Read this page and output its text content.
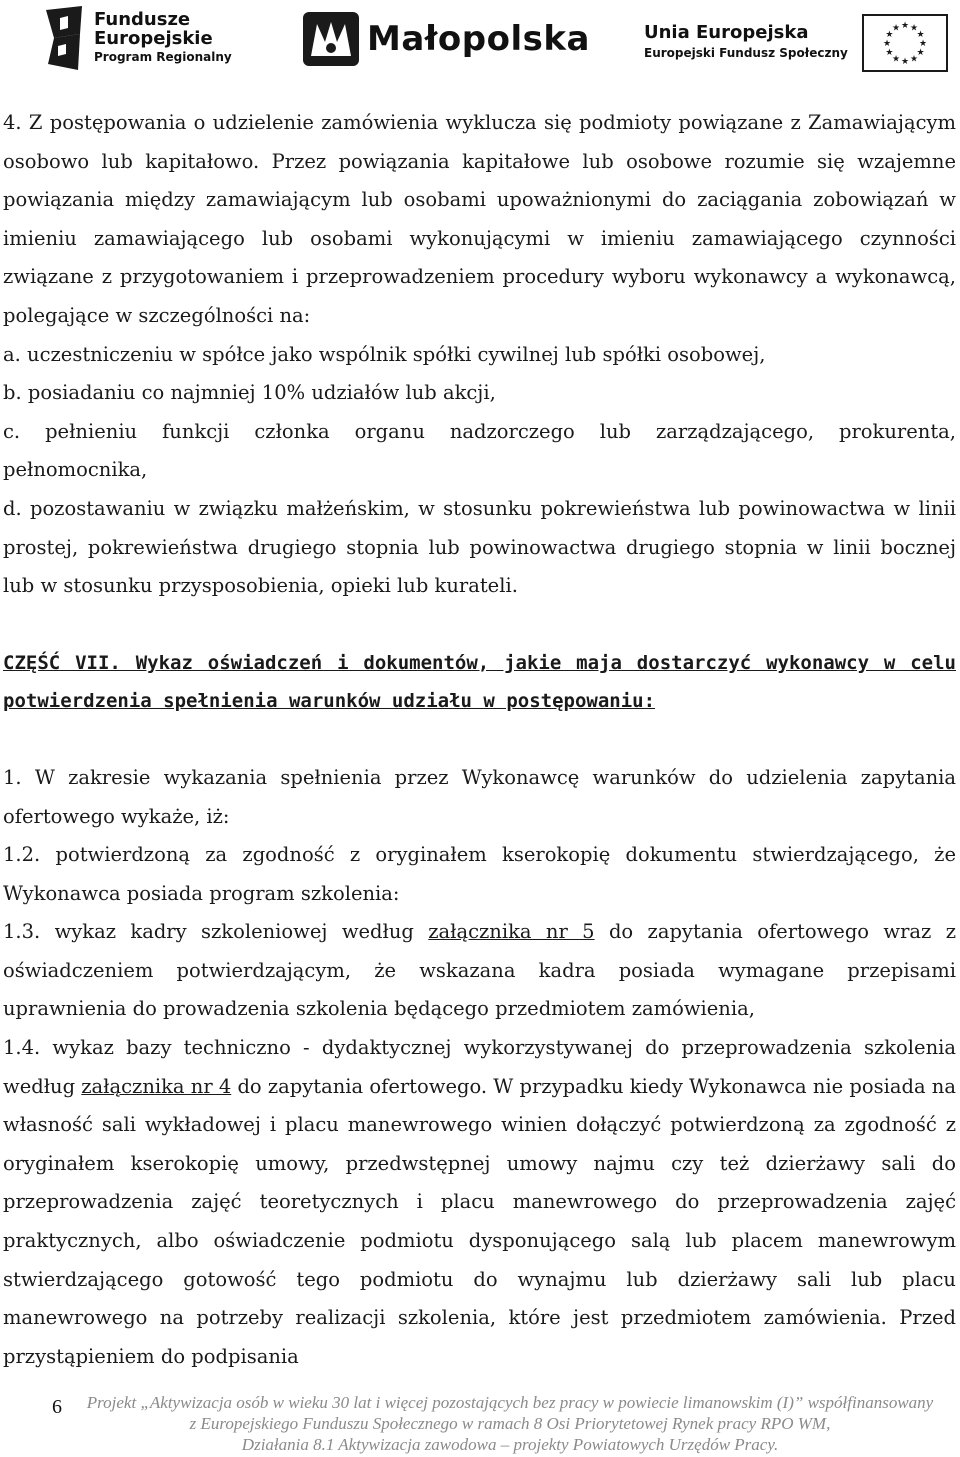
Fundusze
Europejskie
Program Regionalny	Małopolska	Unia Europejska
Europejski Fundusz Społeczny
★
★
★
★
★
★
★
★
★ ★ ★
★

4. Z postępowania o udzielenie zamówienia wyklucza się podmioty powiązane z Zamawiającym osobowo lub kapitałowo. Przez powiązania kapitałowe lub osobowe rozumie się wzajemne powiązania między zamawiającym lub osobami upoważnionymi do zaciągania zobowiązań w imieniu zamawiającego lub osobami wykonującymi w imieniu zamawiającego czynności związane z przygotowaniem i przeprowadzeniem procedury wyboru wykonawcy a wykonawcą, polegające w szczególności na:

a. uczestniczeniu w spółce jako wspólnik spółki cywilnej lub spółki osobowej,

b. posiadaniu co najmniej 10% udziałów lub akcji,

c. pełnieniu funkcji członka organu nadzorczego lub zarządzającego, prokurenta, pełnomocnika,

d. pozostawaniu w związku małżeńskim, w stosunku pokrewieństwa lub powinowactwa w linii prostej, pokrewieństwa drugiego stopnia lub powinowactwa drugiego stopnia w linii bocznej lub w stosunku przysposobienia, opieki lub kurateli.

CZĘŚĆ VII. Wykaz oświadczeń i dokumentów, jakie maja dostarczyć wykonawcy w celu potwierdzenia spełnienia warunków udziału w postępowaniu:

1. W zakresie wykazania spełnienia przez Wykonawcę warunków do udzielenia zapytania ofertowego wykaże, iż:

1.2. potwierdzoną za zgodność z oryginałem kserokopię dokumentu stwierdzającego, że Wykonawca posiada program szkolenia:

1.3. wykaz kadry szkoleniowej według załącznika nr 5 do zapytania ofertowego wraz z oświadczeniem potwierdzającym, że wskazana kadra posiada wymagane przepisami uprawnienia do prowadzenia szkolenia będącego przedmiotem zamówienia,

1.4. wykaz bazy techniczno - dydaktycznej wykorzystywanej do przeprowadzenia szkolenia według załącznika nr 4 do zapytania ofertowego. W przypadku kiedy Wykonawca nie posiada na własność sali wykładowej i placu manewrowego winien dołączyć potwierdzoną za zgodność z oryginałem kserokopię umowy, przedwstępnej umowy najmu czy też dzierżawy sali do przeprowadzenia zajęć teoretycznych i placu manewrowego do przeprowadzenia zajęć praktycznych, albo oświadczenie podmiotu dysponującego salą lub placem manewrowym stwierdzającego gotowość tego podmiotu do wynajmu lub dzierżawy sali lub placu manewrowego na potrzeby realizacji szkolenia, które jest przedmiotem zamówienia. Przed przystąpieniem do podpisania

6	Projekt „Aktywizacja osób w wieku 30 lat i więcej pozostających bez pracy w powiecie limanowskim (I)” współfinansowany
z Europejskiego Funduszu Społecznego w ramach 8 Osi Priorytetowej Rynek pracy RPO WM,
Działania 8.1 Aktywizacja zawodowa – projekty Powiatowych Urzędów Pracy.
